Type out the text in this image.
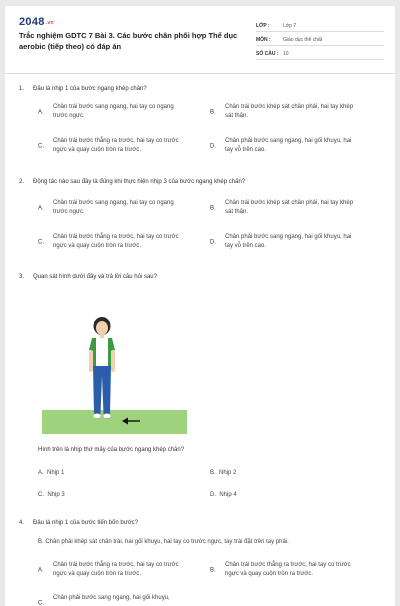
2048.vn
Trắc nghiệm GDTC 7 Bài 3. Các bước chân phối hợp Thể dục aerobic (tiếp theo) có đáp án
LỚP :	Lớp 7
MÔN :	Giáo dục thể chất
SỐ CÂU : 10
1. Đâu là nhịp 1 của bước ngang khép chân?
A.
Chân trái bước sang ngang, hai tay co ngang trước ngực.
B.
Chân trái bước khép sát chân phải, hai tay khép sát thân.
C.
Chân trái bước thẳng ra trước, hai tay co trước ngực và quay cuộn tròn ra trước.
D.
Chân phải bước sang ngang, hai gối khuỵu, hai tay vỗ trên cao.
2. Động tác nào sau đây là đúng khi thực hiện nhịp 3 của bước ngang khép chân?
A.
Chân trái bước sang ngang, hai tay co ngang trước ngực.
B.
Chân trái bước khép sát chân phải, hai tay khép sát thân.
C.
Chân trái bước thẳng ra trước, hai tay co trước ngực và quay cuộn tròn ra trước.
D.
Chân phải bước sang ngang, hai gối khuỵu, hai tay vỗ trên cao.
3. Quan sát hình dưới đây và trả lời câu hỏi sau?
Hình trên là nhịp thứ mấy của bước ngang khép chân?
A. Nhịp 1	B. Nhịp 2
C. Nhịp 3	D. Nhịp 4
4. Đâu là nhịp 1 của bước tiến bốn bước?
B. Chân phải khép sát chân trái, hai gối khuỵu, hai tay co trước ngực, tay trái đặt trên tay phải.
A.
Chân trái bước thẳng ra trước, hai tay co trước ngực và quay cuộn tròn ra trước.
B.
Chân trái bước thẳng ra trước, hai tay co trước ngực và quay cuộn tròn ra trước.
C.
Chân phải bước sang ngang, hai gối khuỵu,
